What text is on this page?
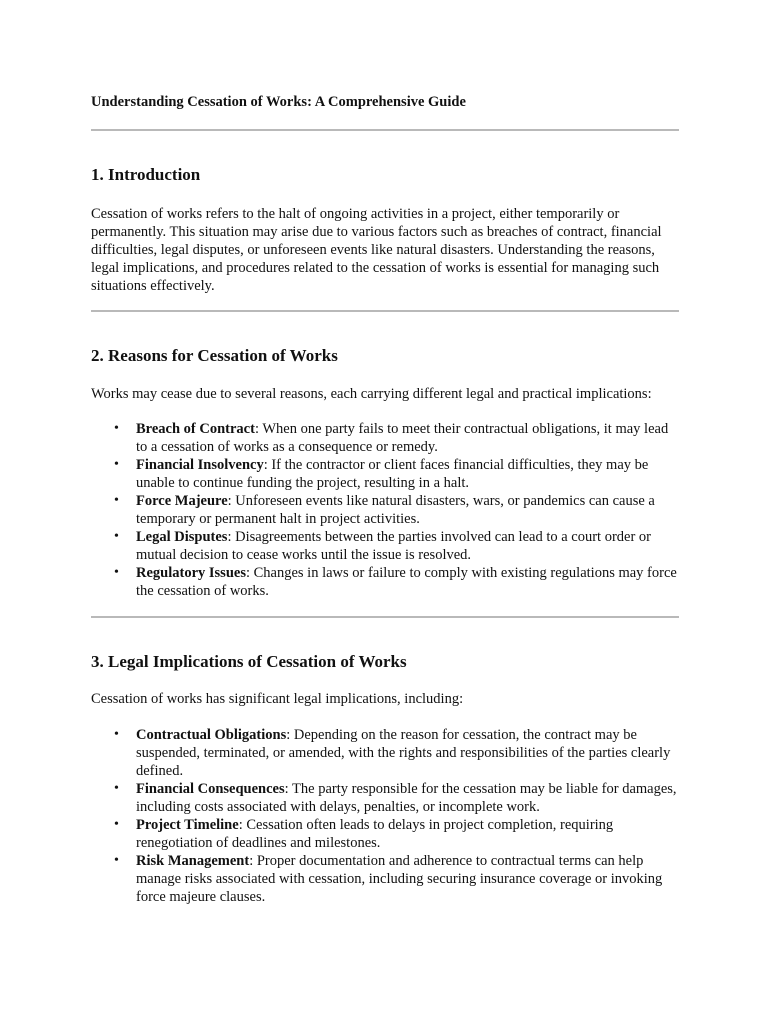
Understanding Cessation of Works: A Comprehensive Guide
1. Introduction

Cessation of works refers to the halt of ongoing activities in a project, either temporarily or permanently. This situation may arise due to various factors such as breaches of contract, financial difficulties, legal disputes, or unforeseen events like natural disasters. Understanding the reasons, legal implications, and procedures related to the cessation of works is essential for managing such situations effectively.

2. Reasons for Cessation of Works

Works may cease due to several reasons, each carrying different legal and practical implications:

• Breach of Contract: When one party fails to meet their contractual obligations, it may lead to a cessation of works as a consequence or remedy.
• Financial Insolvency: If the contractor or client faces financial difficulties, they may be unable to continue funding the project, resulting in a halt.
• Force Majeure: Unforeseen events like natural disasters, wars, or pandemics can cause a temporary or permanent halt in project activities.
• Legal Disputes: Disagreements between the parties involved can lead to a court order or mutual decision to cease works until the issue is resolved.
• Regulatory Issues: Changes in laws or failure to comply with existing regulations may force the cessation of works.
3. Legal Implications of Cessation of Works

Cessation of works has significant legal implications, including:

• Contractual Obligations: Depending on the reason for cessation, the contract may be suspended, terminated, or amended, with the rights and responsibilities of the parties clearly defined.
• Financial Consequences: The party responsible for the cessation may be liable for damages, including costs associated with delays, penalties, or incomplete work.
• Project Timeline: Cessation often leads to delays in project completion, requiring renegotiation of deadlines and milestones.
• Risk Management: Proper documentation and adherence to contractual terms can help manage risks associated with cessation, including securing insurance coverage or invoking force majeure clauses.
